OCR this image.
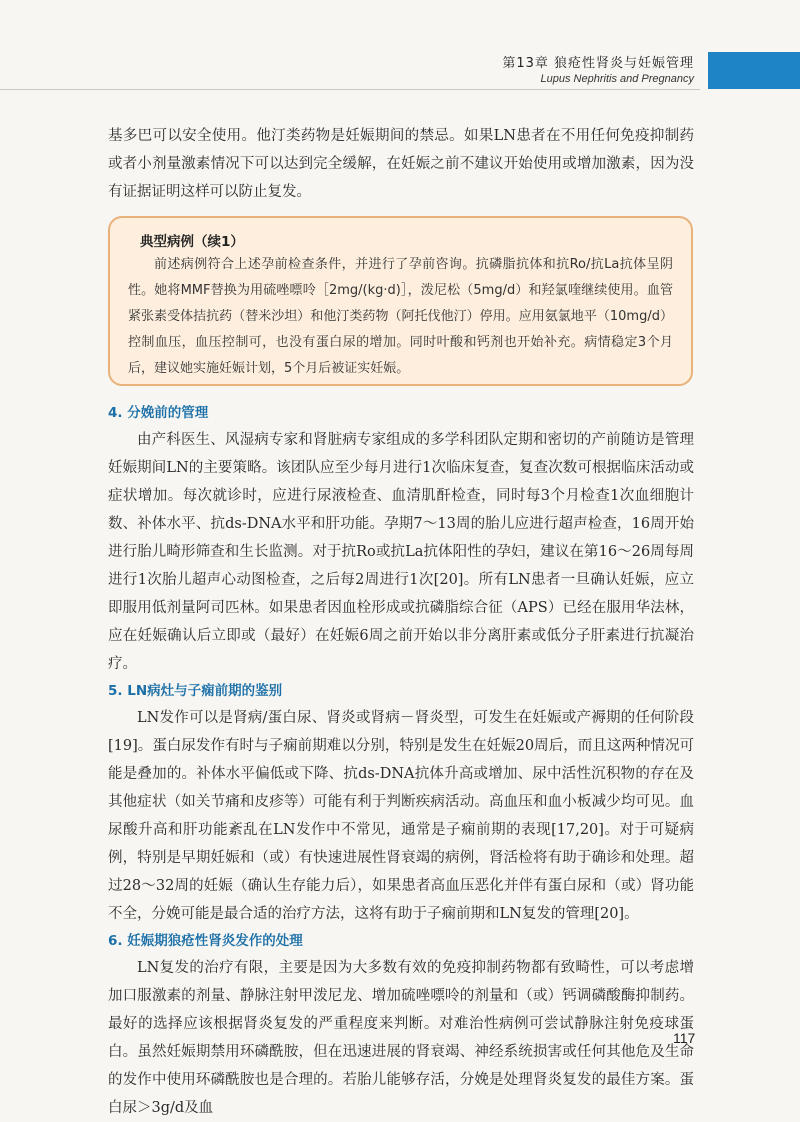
第13章 狼疮性肾炎与妊娠管理
Lupus Nephritis and Pregnancy

基多巴可以安全使用。他汀类药物是妊娠期间的禁忌。如果LN患者在不用任何免疫抑制药或者小剂量激素情况下可以达到完全缓解，在妊娠之前不建议开始使用或增加激素，因为没有证据证明这样可以防止复发。

典型病例（续1）
前述病例符合上述孕前检查条件，并进行了孕前咨询。抗磷脂抗体和抗Ro/抗La抗体呈阴性。她将MMF替换为用硫唑嘌呤［2mg/(kg·d)］，泼尼松（5mg/d）和羟氯喹继续使用。血管紧张素受体拮抗药（替米沙坦）和他汀类药物（阿托伐他汀）停用。应用氨氯地平（10mg/d）控制血压，血压控制可，也没有蛋白尿的增加。同时叶酸和钙剂也开始补充。病情稳定3个月后，建议她实施妊娠计划，5个月后被证实妊娠。
4. 分娩前的管理

由产科医生、风湿病专家和肾脏病专家组成的多学科团队定期和密切的产前随访是管理妊娠期间LN的主要策略。该团队应至少每月进行1次临床复查，复查次数可根据临床活动或症状增加。每次就诊时，应进行尿液检查、血清肌酐检查，同时每3个月检查1次血细胞计数、补体水平、抗ds-DNA水平和肝功能。孕期7～13周的胎儿应进行超声检查，16周开始进行胎儿畸形筛查和生长监测。对于抗Ro或抗La抗体阳性的孕妇，建议在第16～26周每周进行1次胎儿超声心动图检查，之后每2周进行1次[20]。所有LN患者一旦确认妊娠，应立即服用低剂量阿司匹林。如果患者因血栓形成或抗磷脂综合征（APS）已经在服用华法林，应在妊娠确认后立即或（最好）在妊娠6周之前开始以非分离肝素或低分子肝素进行抗凝治疗。

5. LN病灶与子痫前期的鉴别

LN发作可以是肾病/蛋白尿、肾炎或肾病－肾炎型，可发生在妊娠或产褥期的任何阶段[19]。蛋白尿发作有时与子痫前期难以分别，特别是发生在妊娠20周后，而且这两种情况可能是叠加的。补体水平偏低或下降、抗ds-DNA抗体升高或增加、尿中活性沉积物的存在及其他症状（如关节痛和皮疹等）可能有利于判断疾病活动。高血压和血小板减少均可见。血尿酸升高和肝功能紊乱在LN发作中不常见，通常是子痫前期的表现[17,20]。对于可疑病例，特别是早期妊娠和（或）有快速进展性肾衰竭的病例，肾活检将有助于确诊和处理。超过28～32周的妊娠（确认生存能力后），如果患者高血压恶化并伴有蛋白尿和（或）肾功能不全，分娩可能是最合适的治疗方法，这将有助于子痫前期和LN复发的管理[20]。

6. 妊娠期狼疮性肾炎发作的处理

LN复发的治疗有限，主要是因为大多数有效的免疫抑制药物都有致畸性，可以考虑增加口服激素的剂量、静脉注射甲泼尼龙、增加硫唑嘌呤的剂量和（或）钙调磷酸酶抑制药。最好的选择应该根据肾炎复发的严重程度来判断。对难治性病例可尝试静脉注射免疫球蛋白。虽然妊娠期禁用环磷酰胺，但在迅速进展的肾衰竭、神经系统损害或任何其他危及生命的发作中使用环磷酰胺也是合理的。若胎儿能够存活，分娩是处理肾炎复发的最佳方案。蛋白尿＞3g/d及血

117
